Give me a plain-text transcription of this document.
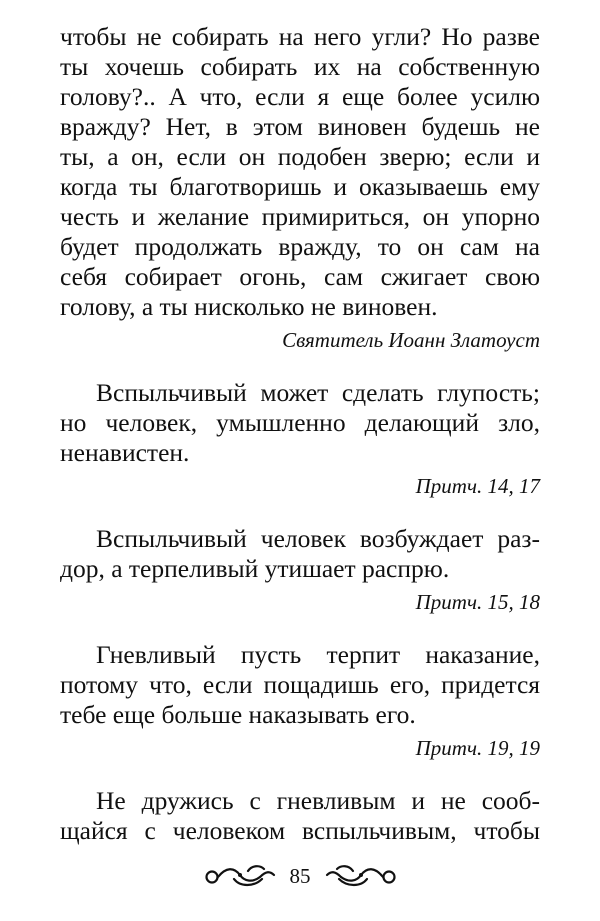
чтобы не собирать на него угли? Но разве
ты хочешь собирать их на собственную
голову?.. А что, если я еще более усилю
вражду? Нет, в этом виновен будешь не
ты, а он, если он подобен зверю; если и
когда ты благотворишь и оказываешь ему
честь и желание примириться, он упорно
будет продолжать вражду, то он сам на
себя собирает огонь, сам сжигает свою
голову, а ты нисколько не виновен.
Святитель Иоанн Златоуст
Вспыльчивый может сделать глупость;
но человек, умышленно делающий зло,
ненавистен.
Притч. 14, 17
Вспыльчивый человек возбуждает раз-
дор, а терпеливый утишает распрю.
Притч. 15, 18
Гневливый пусть терпит наказание,
потому что, если пощадишь его, придется
тебе еще больше наказывать его.
Притч. 19, 19
Не дружись с гневливым и не сооб-
щайся с человеком вспыльчивым, чтобы
85
